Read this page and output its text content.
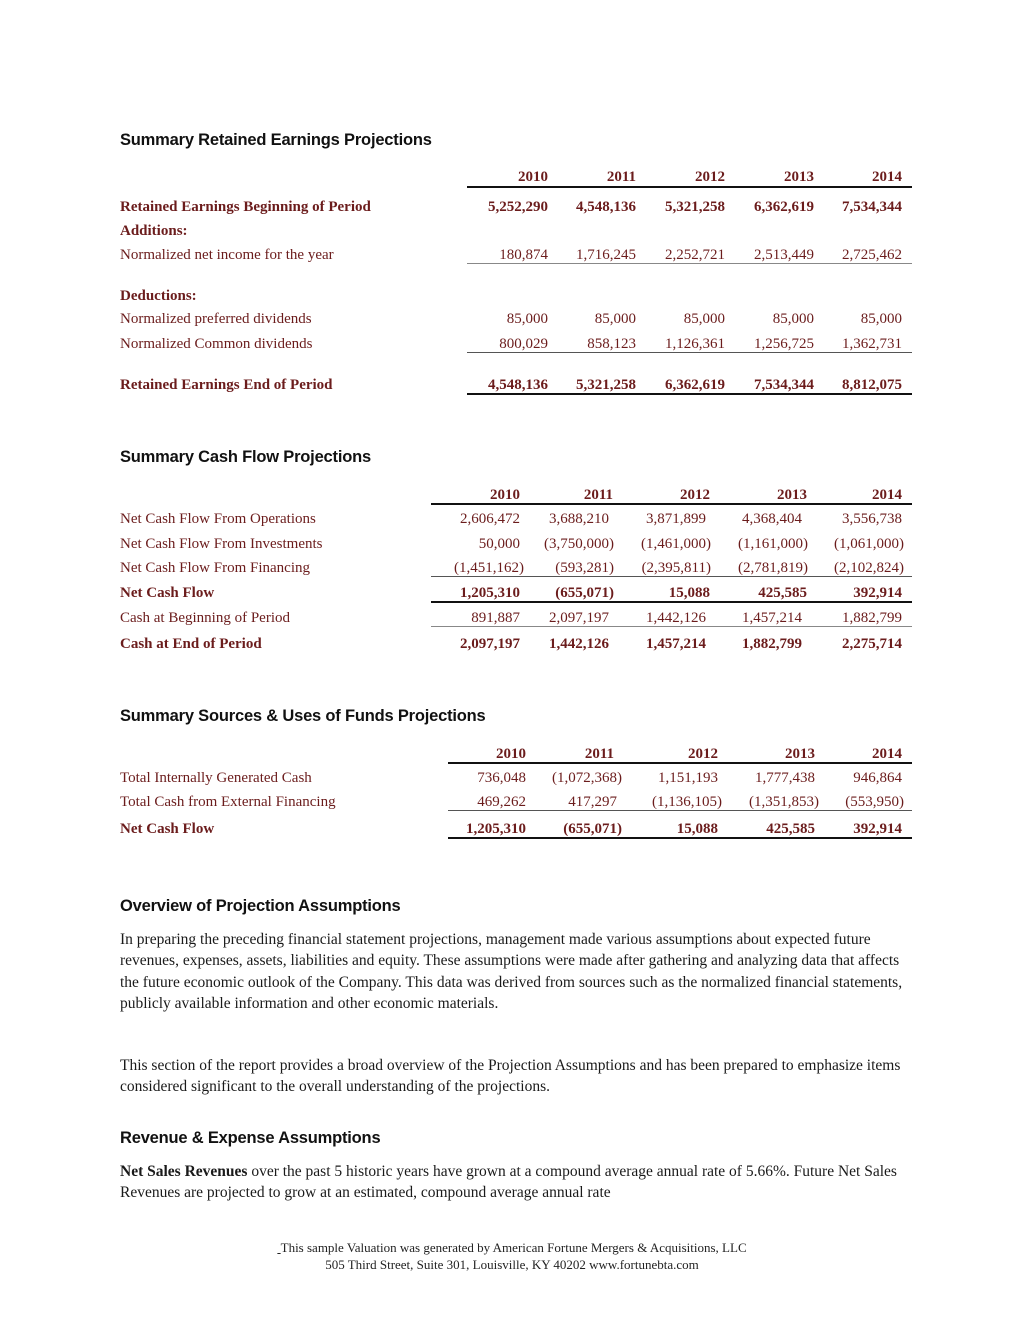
Summary Retained Earnings Projections
2010	2011	2012	2013	2014
Retained Earnings Beginning of Period	5,252,290 4,548,136 5,321,258 6,362,619 7,534,344
Additions:
Normalized net income for the year	180,874 1,716,245 2,252,721 2,513,449 2,725,462
Deductions:
Normalized preferred dividends	85,000	85,000	85,000	85,000	85,000
Normalized Common dividends	800,029	858,123 1,126,361 1,256,725 1,362,731
Retained Earnings End of Period	4,548,136 5,321,258 6,362,619 7,534,344 8,812,075
Summary Cash Flow Projections
2010	2011	2012	2013	2014
Net Cash Flow From Operations	2,606,472 3,688,210 3,871,899 4,368,404	3,556,738
Net Cash Flow From Investments	50,000 (3,750,000) (1,461,000) (1,161,000) (1,061,000)
Net Cash Flow From Financing	(1,451,162) (593,281) (2,395,811) (2,781,819) (2,102,824)
Net Cash Flow	1,205,310 (655,071)	15,088	425,585	392,914
Cash at Beginning of Period	891,887 2,097,197 1,442,126 1,457,214	1,882,799
Cash at End of Period	2,097,197 1,442,126 1,457,214 1,882,799	2,275,714
Summary Sources & Uses of Funds Projections
2010	2011	2012	2013	2014
Total Internally Generated Cash	736,048 (1,072,368) 1,151,193 1,777,438	946,864
Total Cash from External Financing	469,262	417,297 (1,136,105) (1,351,853) (553,950)
Net Cash Flow	1,205,310 (655,071)	15,088	425,585	392,914
Overview of Projection Assumptions
In preparing the preceding financial statement projections, management made various assumptions about expected future revenues, expenses, assets, liabilities and equity. These assumptions were made after gathering and analyzing data that affects the future economic outlook of the Company. This data was derived from sources such as the normalized financial statements, publicly available information and other economic materials.
This section of the report provides a broad overview of the Projection Assumptions and has been prepared to emphasize items considered significant to the overall understanding of the projections.
Revenue & Expense Assumptions
Net Sales Revenues over the past 5 historic years have grown at a compound average annual rate of 5.66%. Future Net Sales Revenues are projected to grow at an estimated, compound average annual rate
This sample Valuation was generated by American Fortune Mergers & Acquisitions, LLC
505 Third Street, Suite 301, Louisville, KY 40202 www.fortunebta.com
